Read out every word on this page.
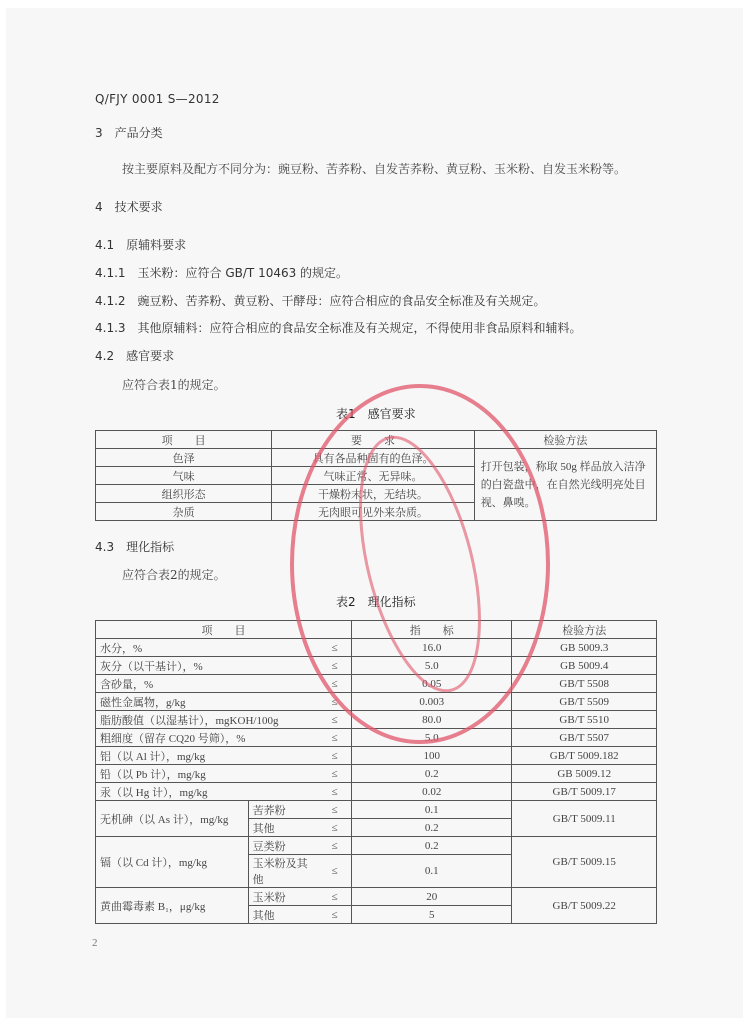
Q/FJY 0001 S—2012
3　产品分类
按主要原料及配方不同分为：豌豆粉、苦荞粉、自发苦荞粉、黄豆粉、玉米粉、自发玉米粉等。
4　技术要求
4.1　原辅料要求
4.1.1　玉米粉：应符合 GB/T 10463 的规定。
4.1.2　豌豆粉、苦荞粉、黄豆粉、干酵母：应符合相应的食品安全标准及有关规定。
4.1.3　其他原辅料：应符合相应的食品安全标准及有关规定，不得使用非食品原料和辅料。
4.2　感官要求
应符合表1的规定。
表1　感官要求
项　　目	要　　求	检验方法
色泽	具有各品种固有的色泽。	打开包装，称取 50g 样品放入洁净的白瓷盘中，在自然光线明亮处目视、鼻嗅。
气味	气味正常、无异味。	
组织形态	干燥粉末状，无结块。	
杂质	无肉眼可见外来杂质。	
4.3　理化指标
应符合表2的规定。
表2　理化指标
项　　目			指　　标	检验方法
水分，%		≤	16.0	GB 5009.3
灰分（以干基计），%		≤	5.0	GB 5009.4
含砂量，%		≤	0.05	GB/T 5508
磁性金属物，g/kg		≤	0.003	GB/T 5509
脂肪酸值（以湿基计），mgKOH/100g		≤	80.0	GB/T 5510
粗细度（留存 CQ20 号筛），%		≤	5.0	GB/T 5507
铝（以 Al 计），mg/kg		≤	100	GB/T 5009.182
铅（以 Pb 计），mg/kg		≤	0.2	GB 5009.12
汞（以 Hg 计），mg/kg		≤	0.02	GB/T 5009.17
无机砷（以 As 计），mg/kg	苦荞粉	≤	0.1	GB/T 5009.11
	其他	≤	0.2	
镉（以 Cd 计），mg/kg	豆类粉	≤	0.2	GB/T 5009.15
	玉米粉及其他	≤	0.1	
黄曲霉毒素 B₁，μg/kg	玉米粉	≤	20	GB/T 5009.22
	其他	≤	5	
2
